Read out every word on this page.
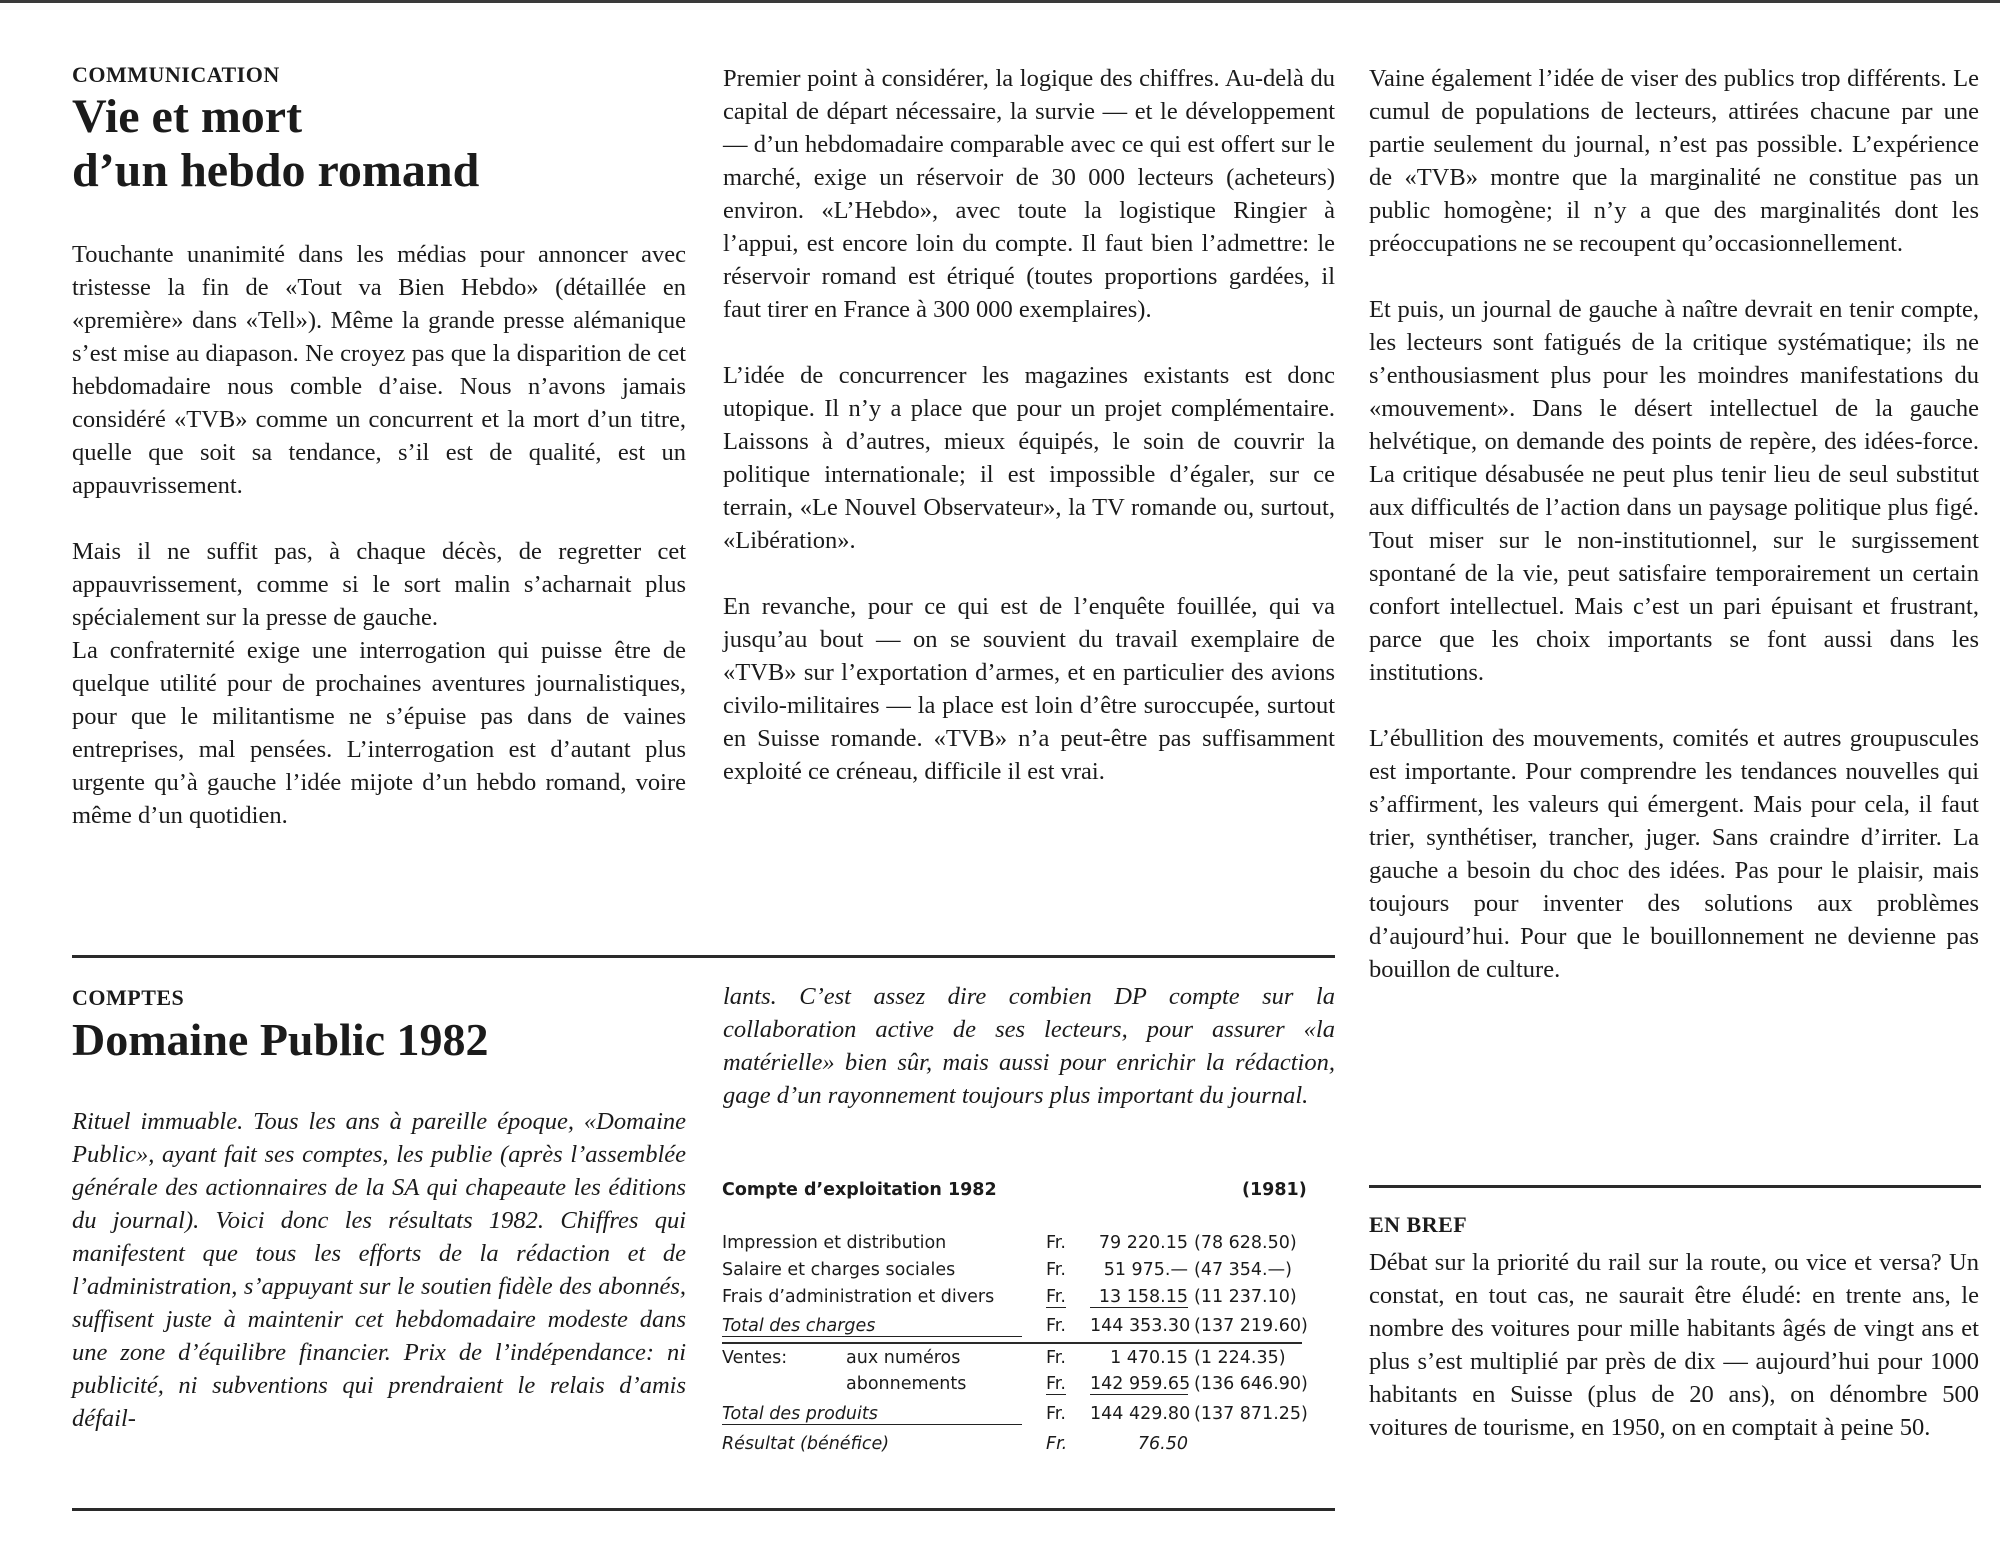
COMMUNICATION
Vie et mort
d’un hebdo romand

Touchante unanimité dans les médias pour annoncer avec tristesse la fin de «Tout va Bien Hebdo» (détaillée en «première» dans «Tell»). Même la grande presse alémanique s’est mise au diapason. Ne croyez pas que la disparition de cet hebdomadaire nous comble d’aise. Nous n’avons jamais considéré «TVB» comme un concurrent et la mort d’un titre, quelle que soit sa tendance, s’il est de qualité, est un appauvrissement.

Mais il ne suffit pas, à chaque décès, de regretter cet appauvrissement, comme si le sort malin s’acharnait plus spécialement sur la presse de gauche.

La confraternité exige une interrogation qui puisse être de quelque utilité pour de prochaines aventures journalistiques, pour que le militantisme ne s’épuise pas dans de vaines entreprises, mal pensées. L’interrogation est d’autant plus urgente qu’à gauche l’idée mijote d’un hebdo romand, voire même d’un quotidien.

Premier point à considérer, la logique des chiffres. Au-delà du capital de départ nécessaire, la survie — et le développement — d’un hebdomadaire comparable avec ce qui est offert sur le marché, exige un réservoir de 30 000 lecteurs (acheteurs) environ. «L’Hebdo», avec toute la logistique Ringier à l’appui, est encore loin du compte. Il faut bien l’admettre: le réservoir romand est étriqué (toutes proportions gardées, il faut tirer en France à 300 000 exemplaires).

L’idée de concurrencer les magazines existants est donc utopique. Il n’y a place que pour un projet complémentaire. Laissons à d’autres, mieux équipés, le soin de couvrir la politique internationale; il est impossible d’égaler, sur ce terrain, «Le Nouvel Observateur», la TV romande ou, surtout, «Libération».

En revanche, pour ce qui est de l’enquête fouillée, qui va jusqu’au bout — on se souvient du travail exemplaire de «TVB» sur l’exportation d’armes, et en particulier des avions civilo-militaires — la place est loin d’être suroccupée, surtout en Suisse romande. «TVB» n’a peut-être pas suffisamment exploité ce créneau, difficile il est vrai.

Vaine également l’idée de viser des publics trop différents. Le cumul de populations de lecteurs, attirées chacune par une partie seulement du journal, n’est pas possible. L’expérience de «TVB» montre que la marginalité ne constitue pas un public homogène; il n’y a que des marginalités dont les préoccupations ne se recoupent qu’occasionnellement.

Et puis, un journal de gauche à naître devrait en tenir compte, les lecteurs sont fatigués de la critique systématique; ils ne s’enthousiasment plus pour les moindres manifestations du «mouvement». Dans le désert intellectuel de la gauche helvétique, on demande des points de repère, des idées-force. La critique désabusée ne peut plus tenir lieu de seul substitut aux difficultés de l’action dans un paysage politique plus figé. Tout miser sur le non-institutionnel, sur le surgissement spontané de la vie, peut satisfaire temporairement un certain confort intellectuel. Mais c’est un pari épuisant et frustrant, parce que les choix importants se font aussi dans les institutions.

L’ébullition des mouvements, comités et autres groupuscules est importante. Pour comprendre les tendances nouvelles qui s’affirment, les valeurs qui émergent. Mais pour cela, il faut trier, synthétiser, trancher, juger. Sans craindre d’irriter. La gauche a besoin du choc des idées. Pas pour le plaisir, mais toujours pour inventer des solutions aux problèmes d’aujourd’hui. Pour que le bouillonnement ne devienne pas bouillon de culture.

COMPTES
Domaine Public 1982

Rituel immuable. Tous les ans à pareille époque, «Domaine Public», ayant fait ses comptes, les publie (après l’assemblée générale des actionnaires de la SA qui chapeaute les éditions du journal). Voici donc les résultats 1982. Chiffres qui manifestent que tous les efforts de la rédaction et de l’administration, s’appuyant sur le soutien fidèle des abonnés, suffisent juste à maintenir cet hebdomadaire modeste dans une zone d’équilibre financier. Prix de l’indépendance: ni publicité, ni subventions qui prendraient le relais d’amis défail-

lants. C’est assez dire combien DP compte sur la collaboration active de ses lecteurs, pour assurer «la matérielle» bien sûr, mais aussi pour enrichir la rédaction, gage d’un rayonnement toujours plus important du journal.

Compte d’exploitation 1982	(1981)
Impression et distribution	Fr.	79 220.15 (78 628.50)
Salaire et charges sociales	Fr.	51 975.— (47 354.—)
Frais d’administration et divers	Fr.	13 158.15 (11 237.10)
Total des charges	Fr. 144 353.30 (137 219.60)
Ventes:	aux numéros	Fr.	1 470.15 (1 224.35)
abonnements	Fr. 142 959.65 (136 646.90)
Total des produits	Fr. 144 429.80 (137 871.25)
Résultat (bénéfice)	Fr.	76.50
EN BREF

Débat sur la priorité du rail sur la route, ou vice et versa? Un constat, en tout cas, ne saurait être éludé: en trente ans, le nombre des voitures pour mille habitants âgés de vingt ans et plus s’est multiplié par près de dix — aujourd’hui pour 1000 habitants en Suisse (plus de 20 ans), on dénombre 500 voitures de tourisme, en 1950, on en comptait à peine 50.
